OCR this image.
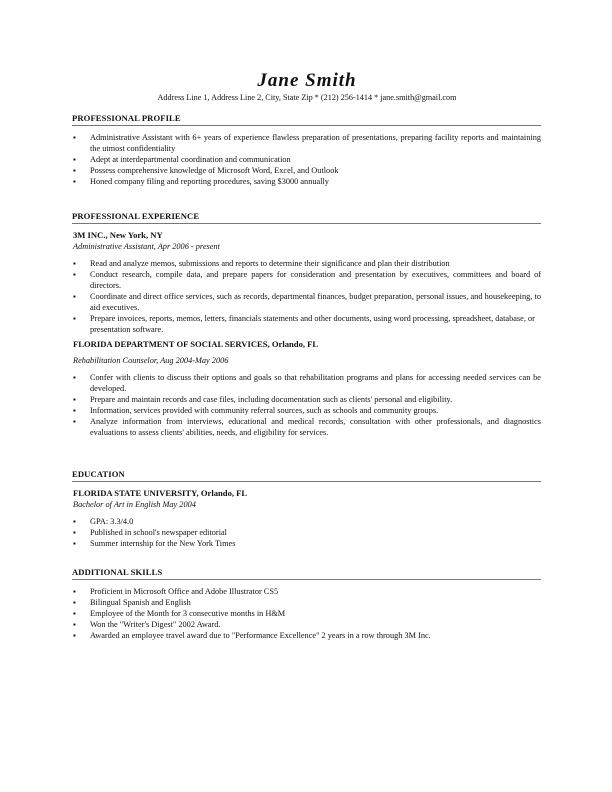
Jane Smith
Address Line 1, Address Line 2, City, State Zip * (212) 256-1414 * jane.smith@gmail.com
PROFESSIONAL PROFILE
▪ Administrative Assistant with 6+ years of experience flawless preparation of presentations, preparing facility reports and maintaining the utmost confidentiality
▪ Adept at interdepartmental coordination and communication
▪ Possess comprehensive knowledge of Microsoft Word, Excel, and Outlook
▪ Honed company filing and reporting procedures, saving $3000 annually
PROFESSIONAL EXPERIENCE
3M INC., New York, NY
Administrative Assistant, Apr 2006 - present
▪ Read and analyze memos, submissions and reports to determine their significance and plan their distribution
▪ Conduct research, compile data, and prepare papers for consideration and presentation by executives, committees and board of directors.
▪ Coordinate and direct office services, such as records, departmental finances, budget preparation, personal issues, and housekeeping, to aid executives.
▪ Prepare invoices, reports, memos, letters, financials statements and other documents, using word processing, spreadsheet, database, or presentation software.
FLORIDA DEPARTMENT OF SOCIAL SERVICES, Orlando, FL
Rehabilitation Counselor, Aug 2004-May 2006
▪ Confer with clients to discuss their options and goals so that rehabilitation programs and plans for accessing needed services can be developed.
▪ Prepare and maintain records and case files, including documentation such as clients' personal and eligibility.
▪ Information, services provided with community referral sources, such as schools and community groups.
▪ Analyze information from interviews, educational and medical records, consultation with other professionals, and diagnostics evaluations to assess clients' abilities, needs, and eligibility for services.
EDUCATION
FLORIDA STATE UNIVERSITY, Orlando, FL
Bachelor of Art in English May 2004
▪ GPA: 3.3/4.0
▪ Published in school's newspaper editorial
▪ Summer internship for the New York Times
ADDITIONAL SKILLS
▪ Proficient in Microsoft Office and Adobe Illustrator CS5
▪ Bilingual Spanish and English
▪ Employee of the Month for 3 consecutive months in H&M
▪ Won the "Writer's Digest" 2002 Award.
▪ Awarded an employee travel award due to "Performance Excellence" 2 years in a row through 3M Inc.
